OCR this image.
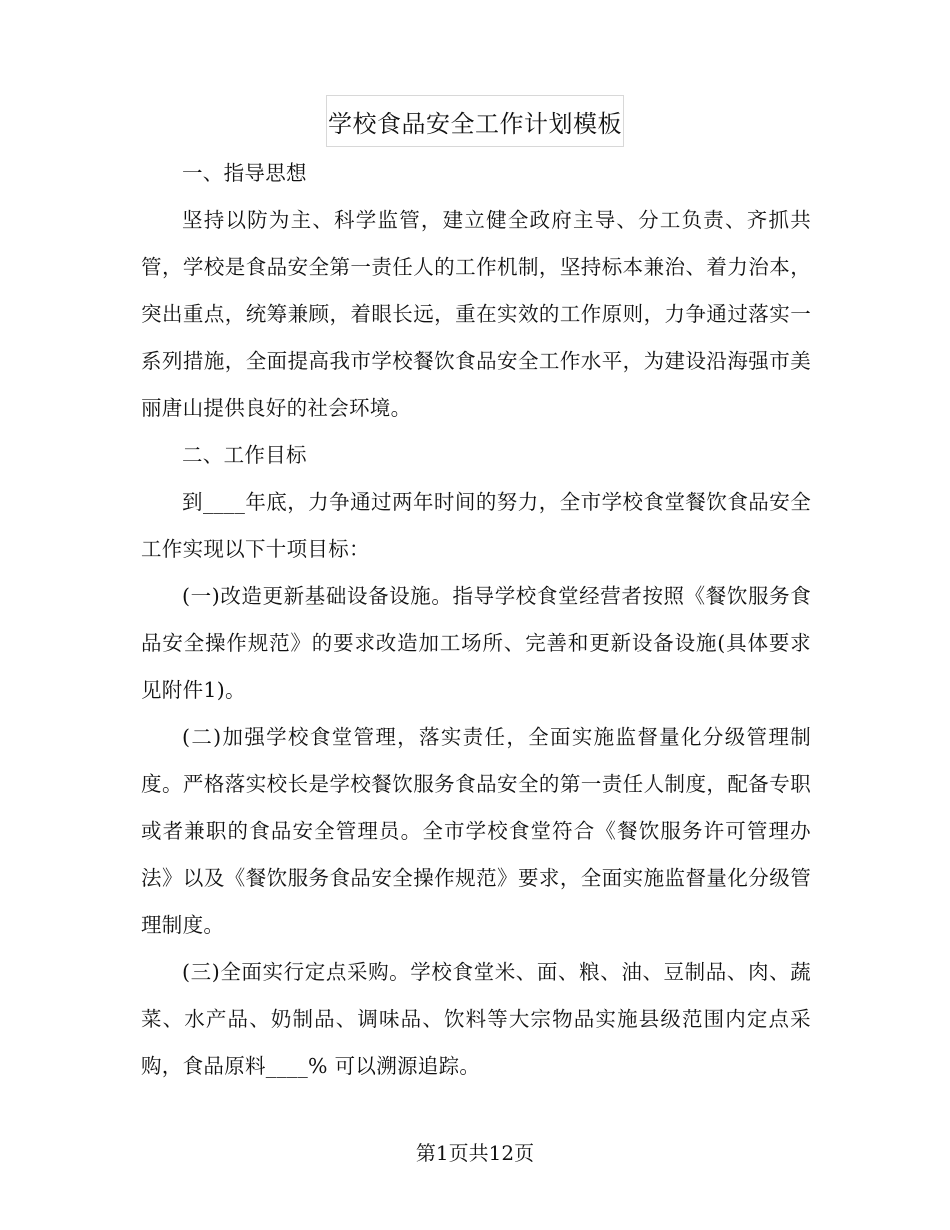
学校食品安全工作计划模板

一、指导思想

坚持以防为主、科学监管，建立健全政府主导、分工负责、齐抓共管，学校是食品安全第一责任人的工作机制，坚持标本兼治、着力治本，突出重点，统筹兼顾，着眼长远，重在实效的工作原则，力争通过落实一系列措施，全面提高我市学校餐饮食品安全工作水平，为建设沿海强市美丽唐山提供良好的社会环境。

二、工作目标

到____年底，力争通过两年时间的努力，全市学校食堂餐饮食品安全工作实现以下十项目标：

(一)改造更新基础设备设施。指导学校食堂经营者按照《餐饮服务食品安全操作规范》的要求改造加工场所、完善和更新设备设施(具体要求见附件1)。

(二)加强学校食堂管理，落实责任，全面实施监督量化分级管理制度。严格落实校长是学校餐饮服务食品安全的第一责任人制度，配备专职或者兼职的食品安全管理员。全市学校食堂符合《餐饮服务许可管理办法》以及《餐饮服务食品安全操作规范》要求，全面实施监督量化分级管理制度。

(三)全面实行定点采购。学校食堂米、面、粮、油、豆制品、肉、蔬菜、水产品、奶制品、调味品、饮料等大宗物品实施县级范围内定点采购，食品原料____% 可以溯源追踪。

第1页共12页
